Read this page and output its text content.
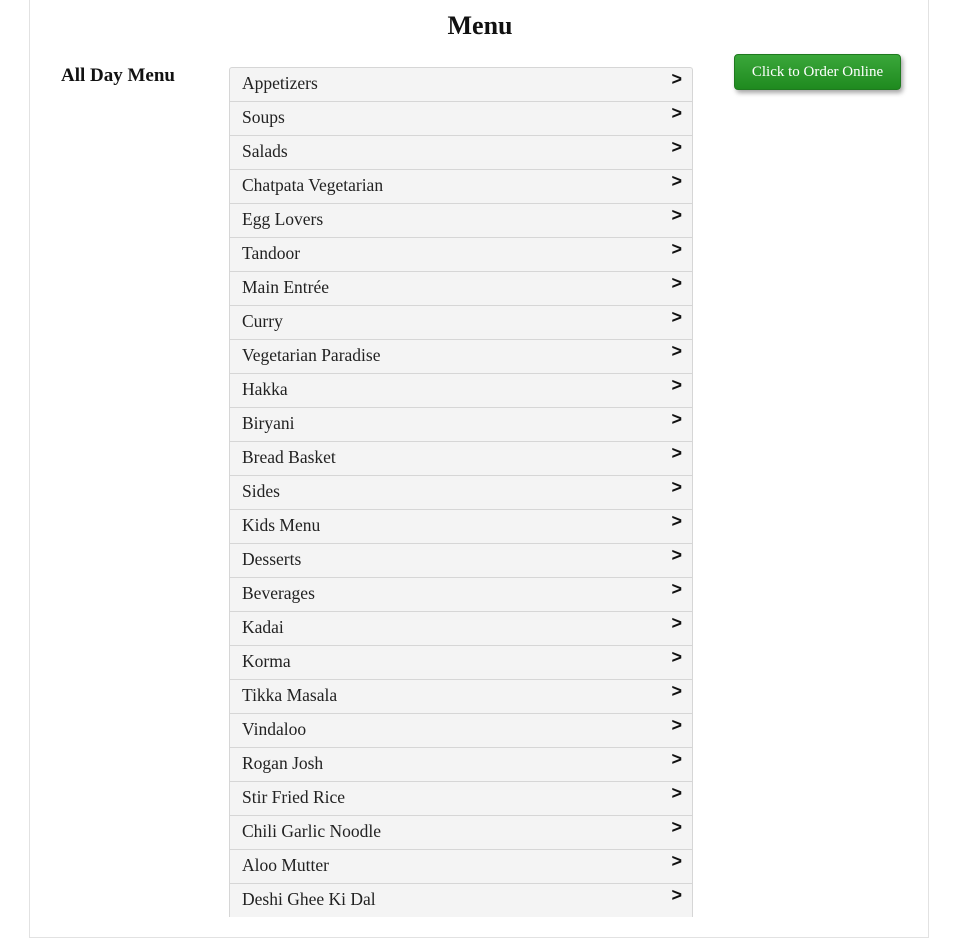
Menu
All Day Menu	Click to Order Online
Appetizers	>
Soups	>
Salads	>
Chatpata Vegetarian	>
Egg Lovers	>
Tandoor	>
Main Entrée	>
Curry	>
Vegetarian Paradise	>
Hakka	>
Biryani	>
Bread Basket	>
Sides	>
Kids Menu	>
Desserts	>
Beverages	>
Kadai	>
Korma	>
Tikka Masala	>
Vindaloo	>
Rogan Josh	>
Stir Fried Rice	>
Chili Garlic Noodle	>
Aloo Mutter	>
Deshi Ghee Ki Dal	>
